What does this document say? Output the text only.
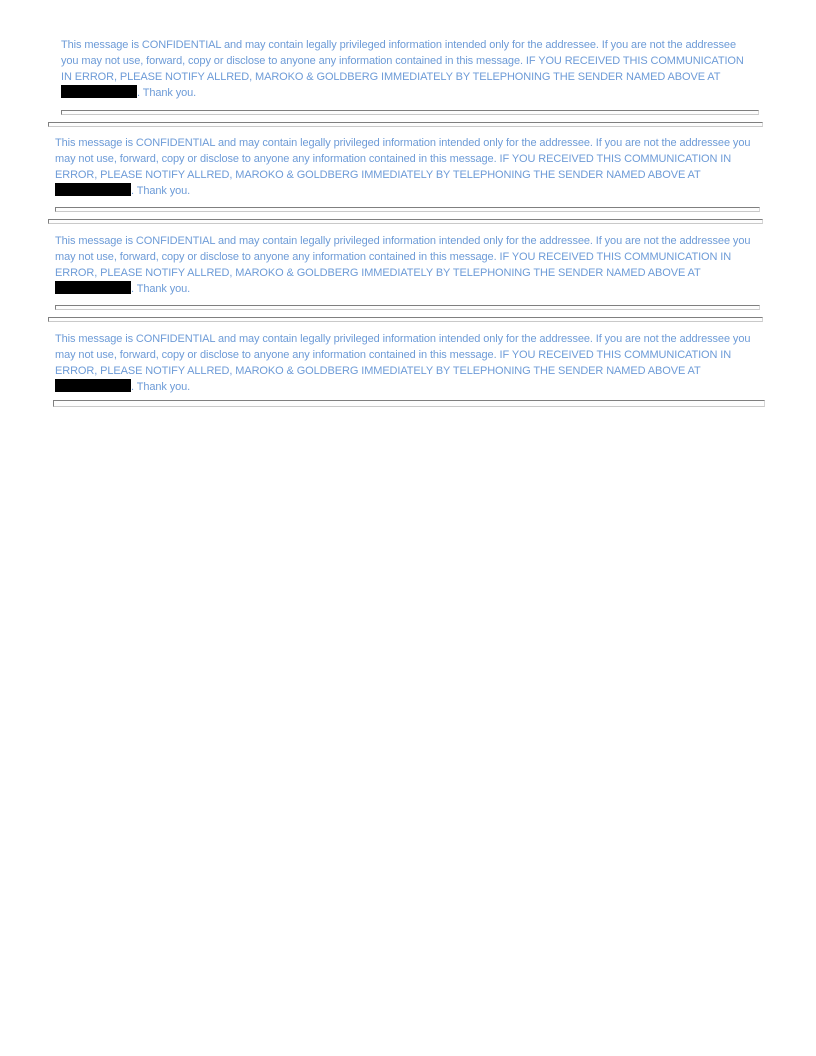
This message is CONFIDENTIAL and may contain legally privileged information intended only for the addressee. If you are not the addressee you may not use, forward, copy or disclose to anyone any information contained in this message. IF YOU RECEIVED THIS COMMUNICATION IN ERROR, PLEASE NOTIFY ALLRED, MAROKO & GOLDBERG IMMEDIATELY BY TELEPHONING THE SENDER NAMED ABOVE AT . Thank you.

This message is CONFIDENTIAL and may contain legally privileged information intended only for the addressee. If you are not the addressee you may not use, forward, copy or disclose to anyone any information contained in this message. IF YOU RECEIVED THIS COMMUNICATION IN ERROR, PLEASE NOTIFY ALLRED, MAROKO & GOLDBERG IMMEDIATELY BY TELEPHONING THE SENDER NAMED ABOVE AT . Thank you.

This message is CONFIDENTIAL and may contain legally privileged information intended only for the addressee. If you are not the addressee you may not use, forward, copy or disclose to anyone any information contained in this message. IF YOU RECEIVED THIS COMMUNICATION IN ERROR, PLEASE NOTIFY ALLRED, MAROKO & GOLDBERG IMMEDIATELY BY TELEPHONING THE SENDER NAMED ABOVE AT . Thank you.

This message is CONFIDENTIAL and may contain legally privileged information intended only for the addressee. If you are not the addressee you may not use, forward, copy or disclose to anyone any information contained in this message. IF YOU RECEIVED THIS COMMUNICATION IN ERROR, PLEASE NOTIFY ALLRED, MAROKO & GOLDBERG IMMEDIATELY BY TELEPHONING THE SENDER NAMED ABOVE AT . Thank you.
